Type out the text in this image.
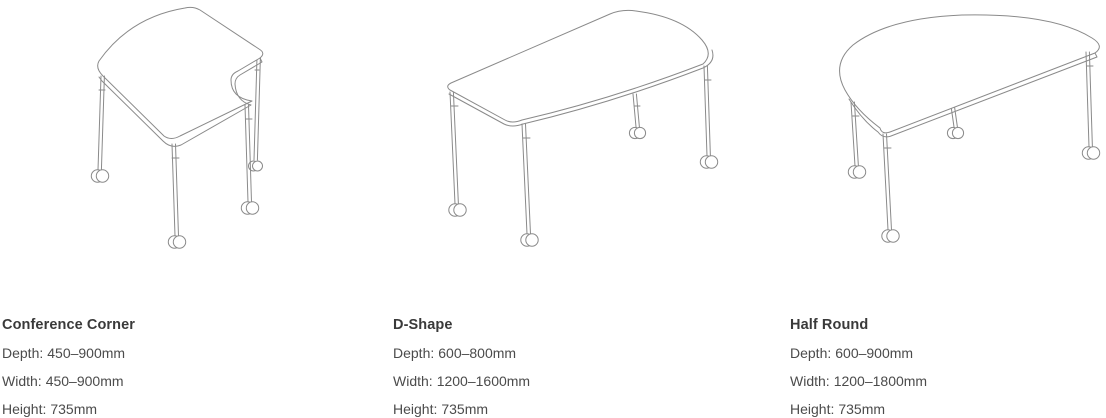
Conference Corner
Depth: 450–900mm
Width: 450–900mm
Height: 735mm
D-Shape
Depth: 600–800mm
Width: 1200–1600mm
Height: 735mm
Half Round
Depth: 600–900mm
Width: 1200–1800mm
Height: 735mm
